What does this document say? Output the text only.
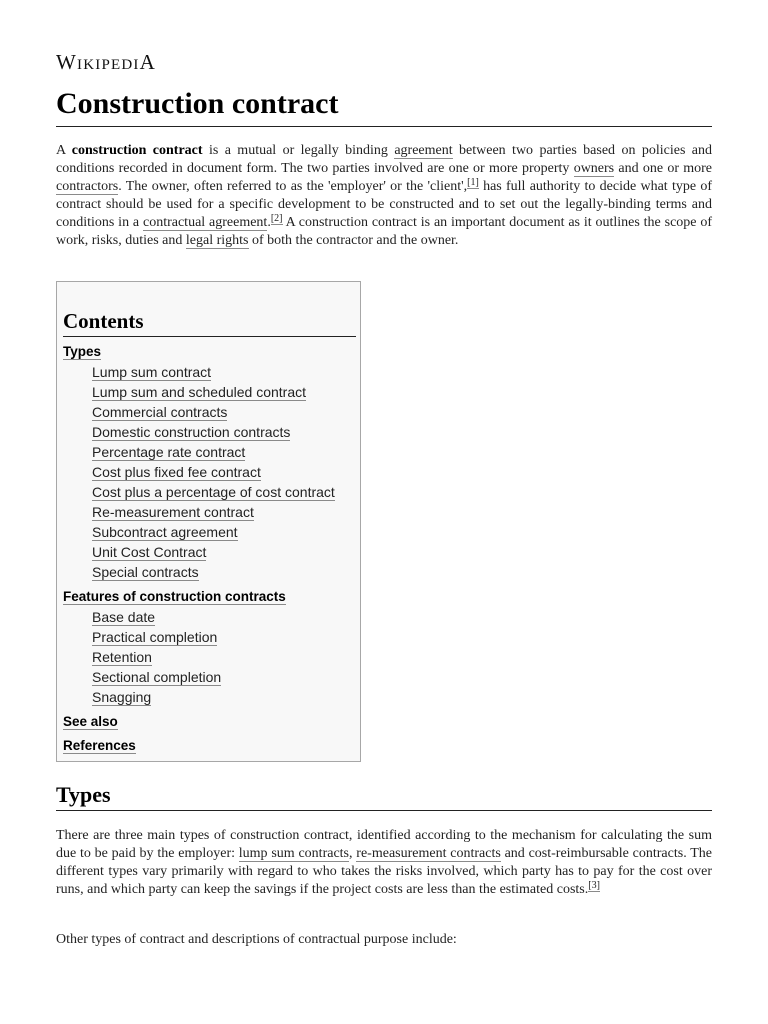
WikipediA
Construction contract

A construction contract is a mutual or legally binding agreement between two parties based on policies and conditions recorded in document form. The two parties involved are one or more property owners and one or more contractors. The owner, often referred to as the 'employer' or the 'client',[1] has full authority to decide what type of contract should be used for a specific development to be constructed and to set out the legally-binding terms and conditions in a contractual agreement.[2] A construction contract is an important document as it outlines the scope of work, risks, duties and legal rights of both the contractor and the owner.

Contents
Types
Lump sum contract
Lump sum and scheduled contract
Commercial contracts
Domestic construction contracts
Percentage rate contract
Cost plus fixed fee contract
Cost plus a percentage of cost contract
Re-measurement contract
Subcontract agreement
Unit Cost Contract
Special contracts
Features of construction contracts
Base date
Practical completion
Retention
Sectional completion
Snagging
See also
References
Types

There are three main types of construction contract, identified according to the mechanism for calculating the sum due to be paid by the employer: lump sum contracts, re-measurement contracts and cost-reimbursable contracts. The different types vary primarily with regard to who takes the risks involved, which party has to pay for the cost over runs, and which party can keep the savings if the project costs are less than the estimated costs.[3]

Other types of contract and descriptions of contractual purpose include:
